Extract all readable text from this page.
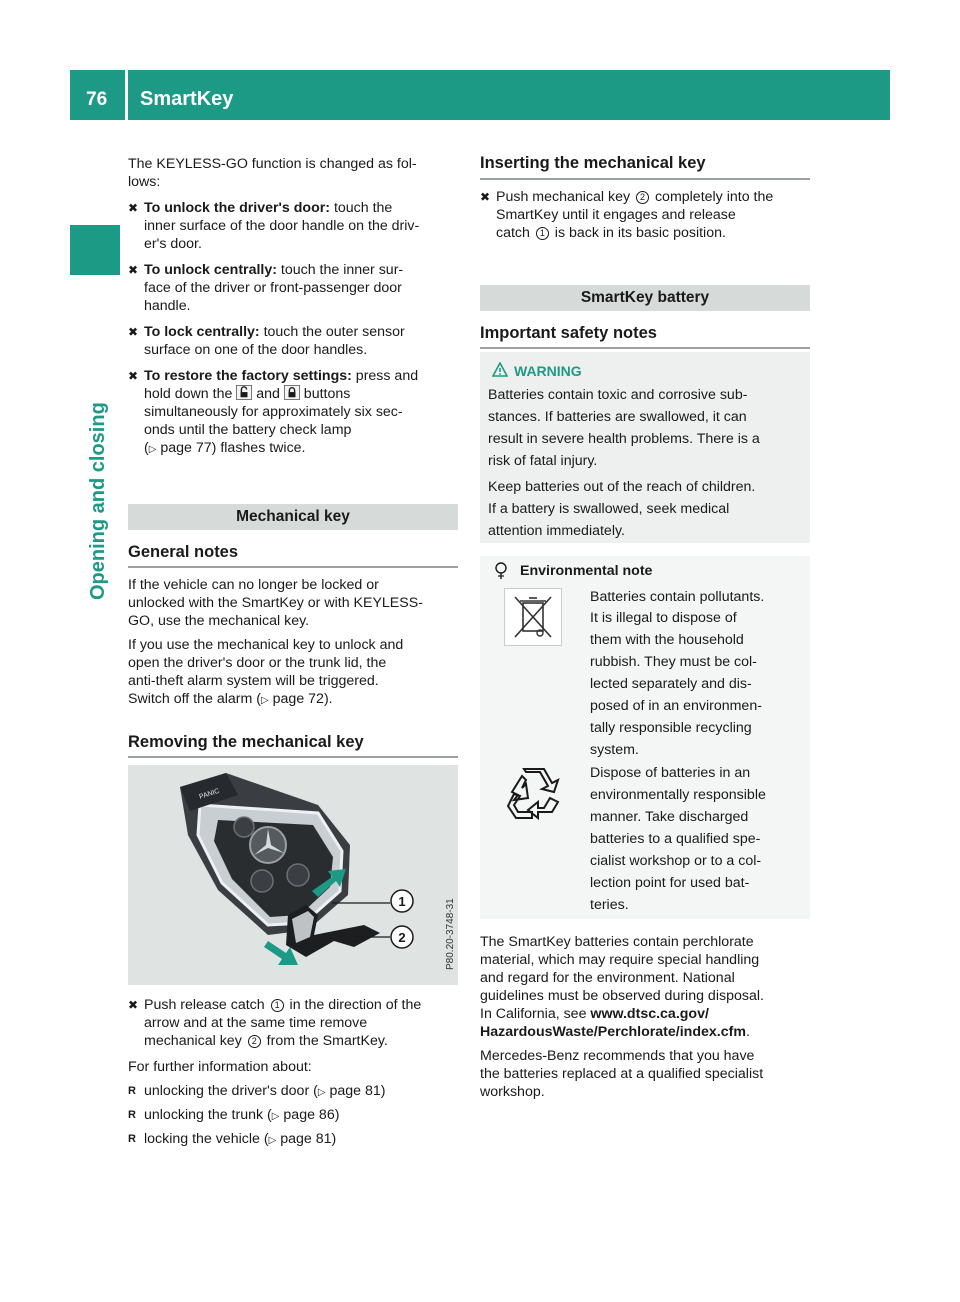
76 SmartKey
Opening and closing
The KEYLESS-GO function is changed as fol-
lows:
✖ To unlock the driver's door: touch the
inner surface of the door handle on the driv-
er's door.
✖ To unlock centrally: touch the inner sur-
face of the driver or front-passenger door
handle.
✖ To lock centrally: touch the outer sensor
surface on one of the door handles.
✖ To restore the factory settings: press and
hold down the  and  buttons
simultaneously for approximately six sec-
onds until the battery check lamp
(▷ page 77) flashes twice.
Mechanical key
General notes
If the vehicle can no longer be locked or
unlocked with the SmartKey or with KEYLESS-
GO, use the mechanical key.
If you use the mechanical key to unlock and
open the driver's door or the trunk lid, the
anti-theft alarm system will be triggered.
Switch off the alarm (▷ page 72).
Removing the mechanical key
PANIC
1
2	P80.20-3748-31
✖ Push release catch 1 in the direction of the
arrow and at the same time remove
mechanical key 2 from the SmartKey.
For further information about:
R unlocking the driver's door (▷ page 81)
R unlocking the trunk (▷ page 86)
R locking the vehicle (▷ page 81)
Inserting the mechanical key
✖ Push mechanical key 2 completely into the
SmartKey until it engages and release
catch 1 is back in its basic position.
SmartKey battery
Important safety notes
WARNING
Batteries contain toxic and corrosive sub-
stances. If batteries are swallowed, it can
result in severe health problems. There is a
risk of fatal injury.
Keep batteries out of the reach of children.
If a battery is swallowed, seek medical
attention immediately.
Environmental note
Batteries contain pollutants.
It is illegal to dispose of
them with the household
rubbish. They must be col-
lected separately and dis-
posed of in an environmen-
tally responsible recycling
system.
Dispose of batteries in an
environmentally responsible
manner. Take discharged
batteries to a qualified spe-
cialist workshop or to a col-
lection point for used bat-
teries.
The SmartKey batteries contain perchlorate
material, which may require special handling
and regard for the environment. National
guidelines must be observed during disposal.
In California, see www.dtsc.ca.gov/
HazardousWaste/Perchlorate/index.cfm.
Mercedes-Benz recommends that you have
the batteries replaced at a qualified specialist
workshop.
